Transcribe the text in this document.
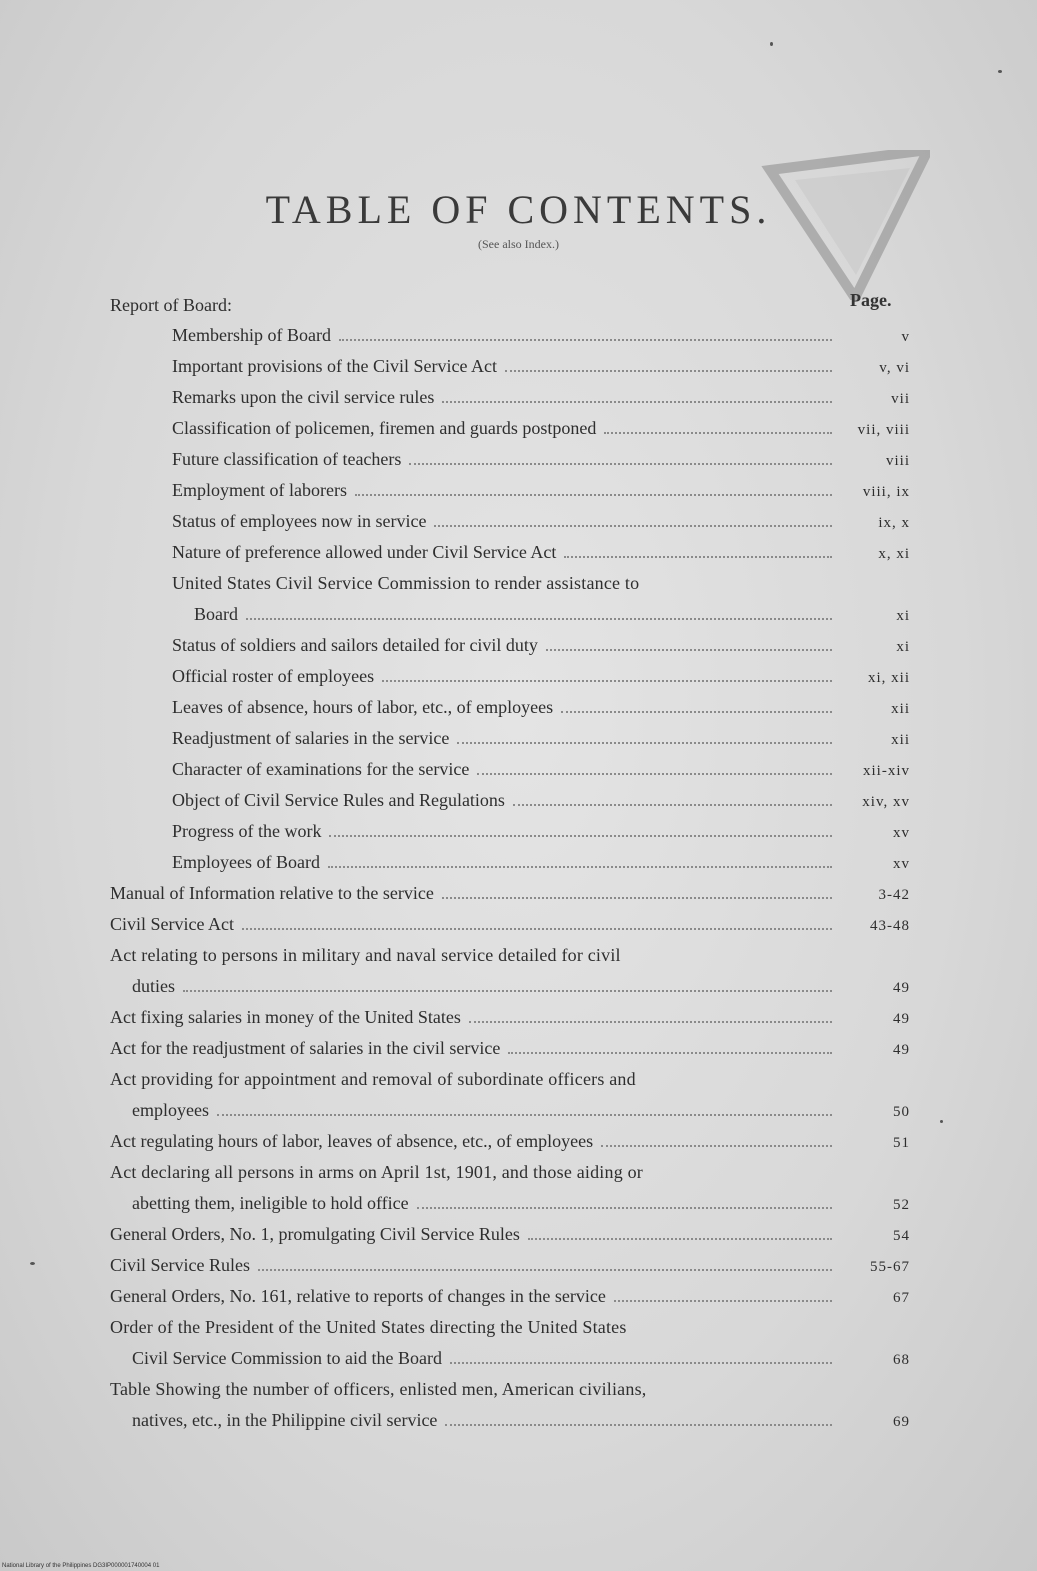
TABLE OF CONTENTS.
(See also Index.)
Page.
Report of Board:
Membership of Board	v
Important provisions of the Civil Service Act	v, vi
Remarks upon the civil service rules	vii
Classification of policemen, firemen and guards postponed	vii, viii
Future classification of teachers	viii
Employment of laborers	viii, ix
Status of employees now in service	ix, x
Nature of preference allowed under Civil Service Act	x, xi
United States Civil Service Commission to render assistance to
Board	xi
Status of soldiers and sailors detailed for civil duty	xi
Official roster of employees	xi, xii
Leaves of absence, hours of labor, etc., of employees	xii
Readjustment of salaries in the service	xii
Character of examinations for the service	xii-xiv
Object of Civil Service Rules and Regulations	xiv, xv
Progress of the work	xv
Employees of Board	xv
Manual of Information relative to the service	3-42
Civil Service Act	43-48
Act relating to persons in military and naval service detailed for civil
duties	49
Act fixing salaries in money of the United States	49
Act for the readjustment of salaries in the civil service	49
Act providing for appointment and removal of subordinate officers and
employees	50
Act regulating hours of labor, leaves of absence, etc., of employees	51
Act declaring all persons in arms on April 1st, 1901, and those aiding or
abetting them, ineligible to hold office	52
General Orders, No. 1, promulgating Civil Service Rules	54
Civil Service Rules	55-67
General Orders, No. 161, relative to reports of changes in the service	67
Order of the President of the United States directing the United States
Civil Service Commission to aid the Board	68
Table Showing the number of officers, enlisted men, American civilians,
natives, etc., in the Philippine civil service	69
National Library of the Philippines DG3IP000001740004 01
